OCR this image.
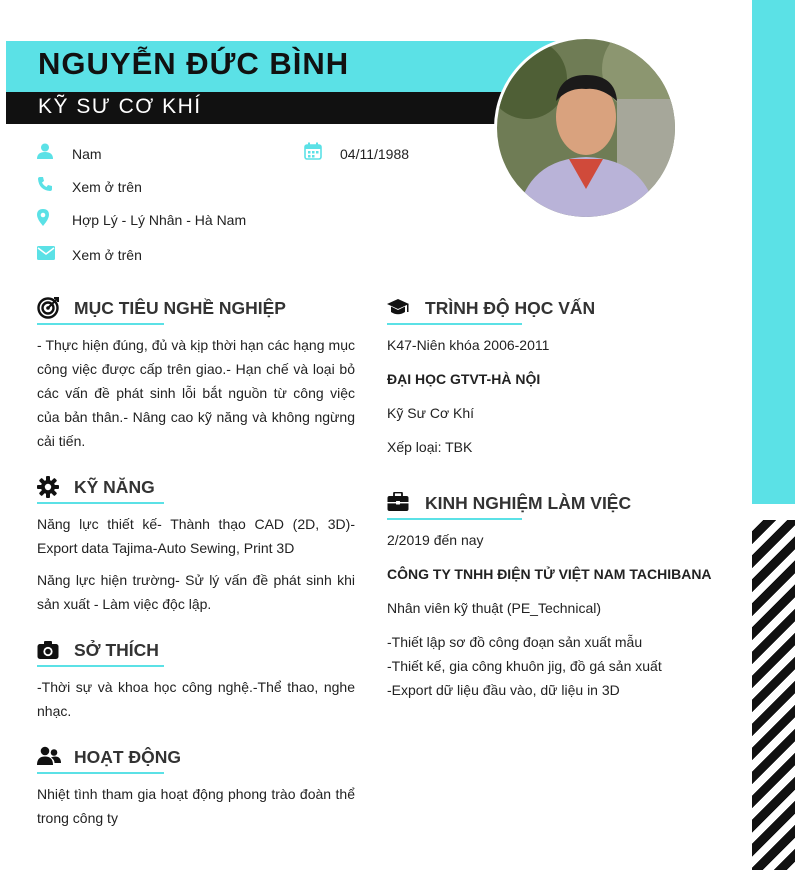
NGUYỄN ĐỨC BÌNH
KỸ SƯ CƠ KHÍ
Nam	04/11/1988
Xem ở trên
Hợp Lý - Lý Nhân - Hà Nam
Xem ở trên
MỤC TIÊU NGHỀ NGHIỆP
- Thực hiện đúng, đủ và kịp thời hạn các hạng mục công việc được cấp trên giao.- Hạn chế và loại bỏ các vấn đề phát sinh lỗi bắt nguồn từ công việc của bản thân.- Nâng cao kỹ năng và không ngừng cải tiến.
KỸ NĂNG
Năng lực thiết kế- Thành thạo CAD (2D, 3D)- Export data Tajima-Auto Sewing, Print 3D
Năng lực hiện trường- Sử lý vấn đề phát sinh khi sản xuất - Làm việc độc lập.
SỞ THÍCH
-Thời sự và khoa học công nghệ.-Thể thao, nghe nhạc.
HOẠT ĐỘNG
Nhiệt tình tham gia hoạt động phong trào đoàn thể trong công ty
TRÌNH ĐỘ HỌC VẤN
K47-Niên khóa 2006-2011
ĐẠI HỌC GTVT-HÀ NỘI
Kỹ Sư Cơ Khí
Xếp loại: TBK
KINH NGHIỆM LÀM VIỆC
2/2019 đến nay
CÔNG TY TNHH ĐIỆN TỬ VIỆT NAM TACHIBANA
Nhân viên kỹ thuật (PE_Technical)
-Thiết lập sơ đồ công đoạn sản xuất mẫu
-Thiết kế, gia công khuôn jig, đồ gá sản xuất
-Export dữ liệu đầu vào, dữ liệu in 3D
